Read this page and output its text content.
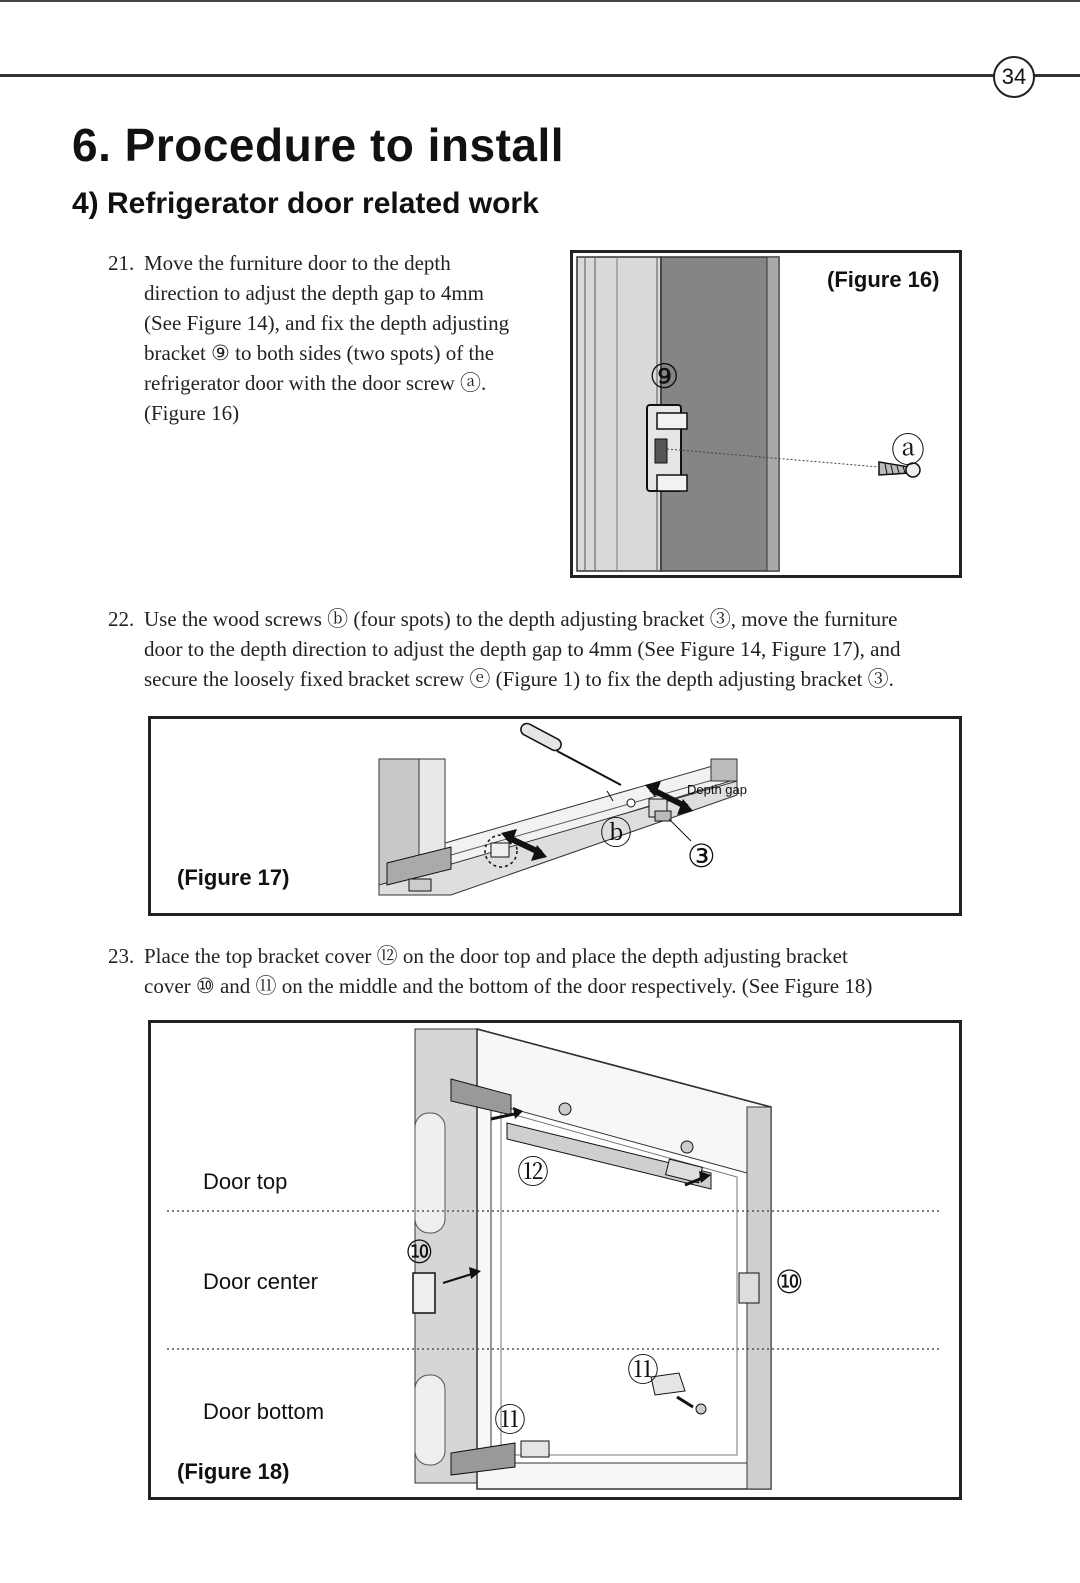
34
6. Procedure to install
4) Refrigerator door related work
21. Move the furniture door to the depth
direction to adjust the depth gap to 4mm
(See Figure 14), and fix the depth adjusting
bracket ⑨ to both sides (two spots) of the
refrigerator door with the door screw ⓐ.
(Figure 16)
(Figure 16)
⑨
ⓐ
22. Use the wood screws ⓑ (four spots) to the depth adjusting bracket ③, move the furniture
door to the depth direction to adjust the depth gap to 4mm (See Figure 14, Figure 17), and
secure the loosely fixed bracket screw ⓔ (Figure 1) to fix the depth adjusting bracket ③.
Depth gap
ⓑ
③
(Figure 17)
23. Place the top bracket cover ⑫ on the door top and place the depth adjusting bracket
cover ⑩ and ⑪ on the middle and the bottom of the door respectively. (See Figure 18)
Door top
Door center
Door bottom
⑫
⑩
⑩
⑪
⑪
(Figure 18)
